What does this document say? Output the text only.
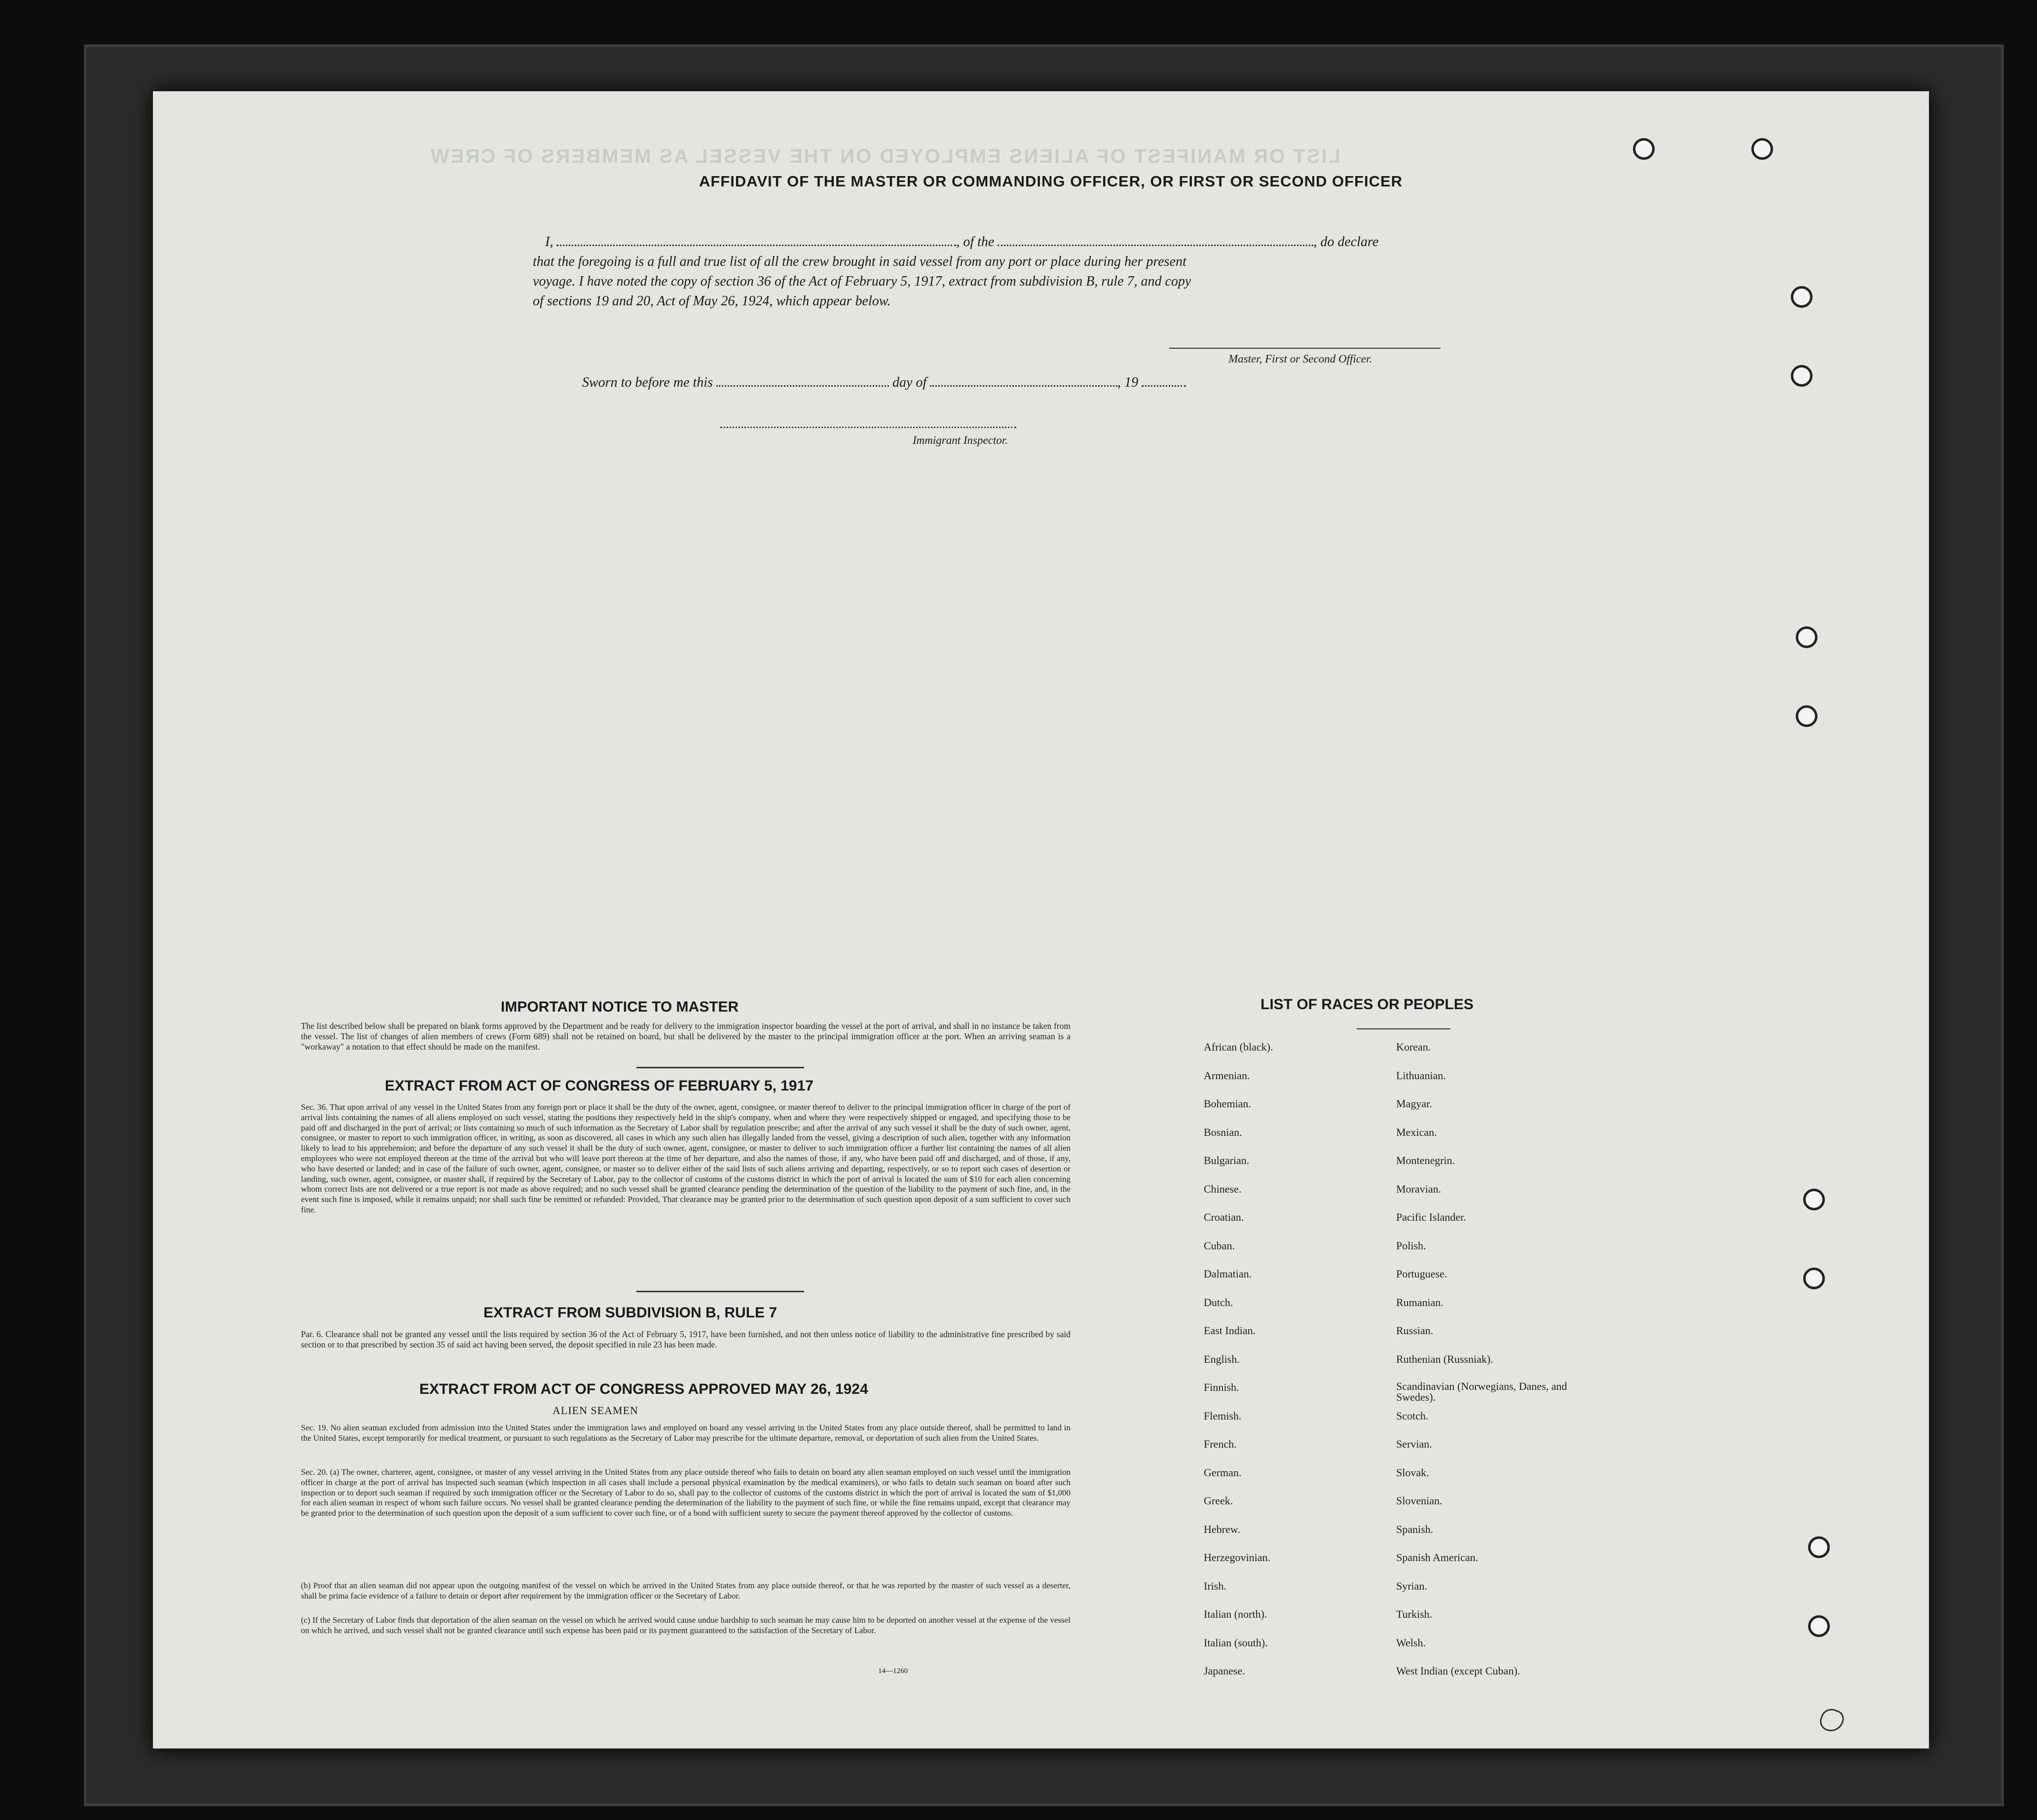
LIST OR MANIFEST OF ALIENS EMPLOYED ON THE VESSEL AS MEMBERS OF CREW
AFFIDAVIT OF THE MASTER OR COMMANDING OFFICER, OR FIRST OR SECOND OFFICER
I,	, of the	, do declare
that the foregoing is a full and true list of all the crew brought in said vessel from any port or place during her present
voyage. I have noted the copy of section 36 of the Act of February 5, 1917, extract from subdivision B, rule 7, and copy
of sections 19 and 20, Act of May 26, 1924, which appear below.
Master, First or Second Officer.
Sworn to before me this	day of	, 19
Immigrant Inspector.
IMPORTANT NOTICE TO MASTER
The list described below shall be prepared on blank forms approved by the Department and be ready for delivery to the immigration inspector boarding the vessel at the port of arrival, and shall in no instance be taken from the vessel. The list of changes of alien members of crews (Form 689) shall not be retained on board, but shall be delivered by the master to the principal immigration officer at the port. When an arriving seaman is a "workaway" a notation to that effect should be made on the manifest.
EXTRACT FROM ACT OF CONGRESS OF FEBRUARY 5, 1917
Sec. 36. That upon arrival of any vessel in the United States from any foreign port or place it shall be the duty of the owner, agent, consignee, or master thereof to deliver to the principal immigration officer in charge of the port of arrival lists containing the names of all aliens employed on such vessel, stating the positions they respectively held in the ship's company, when and where they were respectively shipped or engaged, and specifying those to be paid off and discharged in the port of arrival; or lists containing so much of such information as the Secretary of Labor shall by regulation prescribe; and after the arrival of any such vessel it shall be the duty of such owner, agent, consignee, or master to report to such immigration officer, in writing, as soon as discovered, all cases in which any such alien has illegally landed from the vessel, giving a description of such alien, together with any information likely to lead to his apprehension; and before the departure of any such vessel it shall be the duty of such owner, agent, consignee, or master to deliver to such immigration officer a further list containing the names of all alien employees who were not employed thereon at the time of the arrival but who will leave port thereon at the time of her departure, and also the names of those, if any, who have been paid off and discharged, and of those, if any, who have deserted or landed; and in case of the failure of such owner, agent, consignee, or master so to deliver either of the said lists of such aliens arriving and departing, respectively, or so to report such cases of desertion or landing, such owner, agent, consignee, or master shall, if required by the Secretary of Labor, pay to the collector of customs of the customs district in which the port of arrival is located the sum of $10 for each alien concerning whom correct lists are not delivered or a true report is not made as above required; and no such vessel shall be granted clearance pending the determination of the question of the liability to the payment of such fine, and, in the event such fine is imposed, while it remains unpaid; nor shall such fine be remitted or refunded: Provided, That clearance may be granted prior to the determination of such question upon deposit of a sum sufficient to cover such fine.
EXTRACT FROM SUBDIVISION B, RULE 7
Par. 6. Clearance shall not be granted any vessel until the lists required by section 36 of the Act of February 5, 1917, have been furnished, and not then unless notice of liability to the administrative fine prescribed by said section or to that prescribed by section 35 of said act having been served, the deposit specified in rule 23 has been made.
EXTRACT FROM ACT OF CONGRESS APPROVED MAY 26, 1924
ALIEN SEAMEN
Sec. 19. No alien seaman excluded from admission into the United States under the immigration laws and employed on board any vessel arriving in the United States from any place outside thereof, shall be permitted to land in the United States, except temporarily for medical treatment, or pursuant to such regulations as the Secretary of Labor may prescribe for the ultimate departure, removal, or deportation of such alien from the United States.
Sec. 20. (a) The owner, charterer, agent, consignee, or master of any vessel arriving in the United States from any place outside thereof who fails to detain on board any alien seaman employed on such vessel until the immigration officer in charge at the port of arrival has inspected such seaman (which inspection in all cases shall include a personal physical examination by the medical examiners), or who fails to detain such seaman on board after such inspection or to deport such seaman if required by such immigration officer or the Secretary of Labor to do so, shall pay to the collector of customs of the customs district in which the port of arrival is located the sum of $1,000 for each alien seaman in respect of whom such failure occurs. No vessel shall be granted clearance pending the determination of the liability to the payment of such fine, or while the fine remains unpaid, except that clearance may be granted prior to the determination of such question upon the deposit of a sum sufficient to cover such fine, or of a bond with sufficient surety to secure the payment thereof approved by the collector of customs.
(b) Proof that an alien seaman did not appear upon the outgoing manifest of the vessel on which he arrived in the United States from any place outside thereof, or that he was reported by the master of such vessel as a deserter, shall be prima facie evidence of a failure to detain or deport after requirement by the immigration officer or the Secretary of Labor.
(c) If the Secretary of Labor finds that deportation of the alien seaman on the vessel on which he arrived would cause undue hardship to such seaman he may cause him to be deported on another vessel at the expense of the vessel on which he arrived, and such vessel shall not be granted clearance until such expense has been paid or its payment guaranteed to the satisfaction of the Secretary of Labor.
14—1260
LIST OF RACES OR PEOPLES
African (black).
Armenian.
Bohemian.
Bosnian.
Bulgarian.
Chinese.
Croatian.
Cuban.
Dalmatian.
Dutch.
East Indian.
English.
Finnish.
Flemish.
French.
German.
Greek.
Hebrew.
Herzegovinian.
Irish.
Italian (north).
Italian (south).
Japanese.
Korean.
Lithuanian.
Magyar.
Mexican.
Montenegrin.
Moravian.
Pacific Islander.
Polish.
Portuguese.
Rumanian.
Russian.
Ruthenian (Russniak).
Scandinavian (Norwegians, Danes, and Swedes).
Scotch.
Servian.
Slovak.
Slovenian.
Spanish.
Spanish American.
Syrian.
Turkish.
Welsh.
West Indian (except Cuban).
